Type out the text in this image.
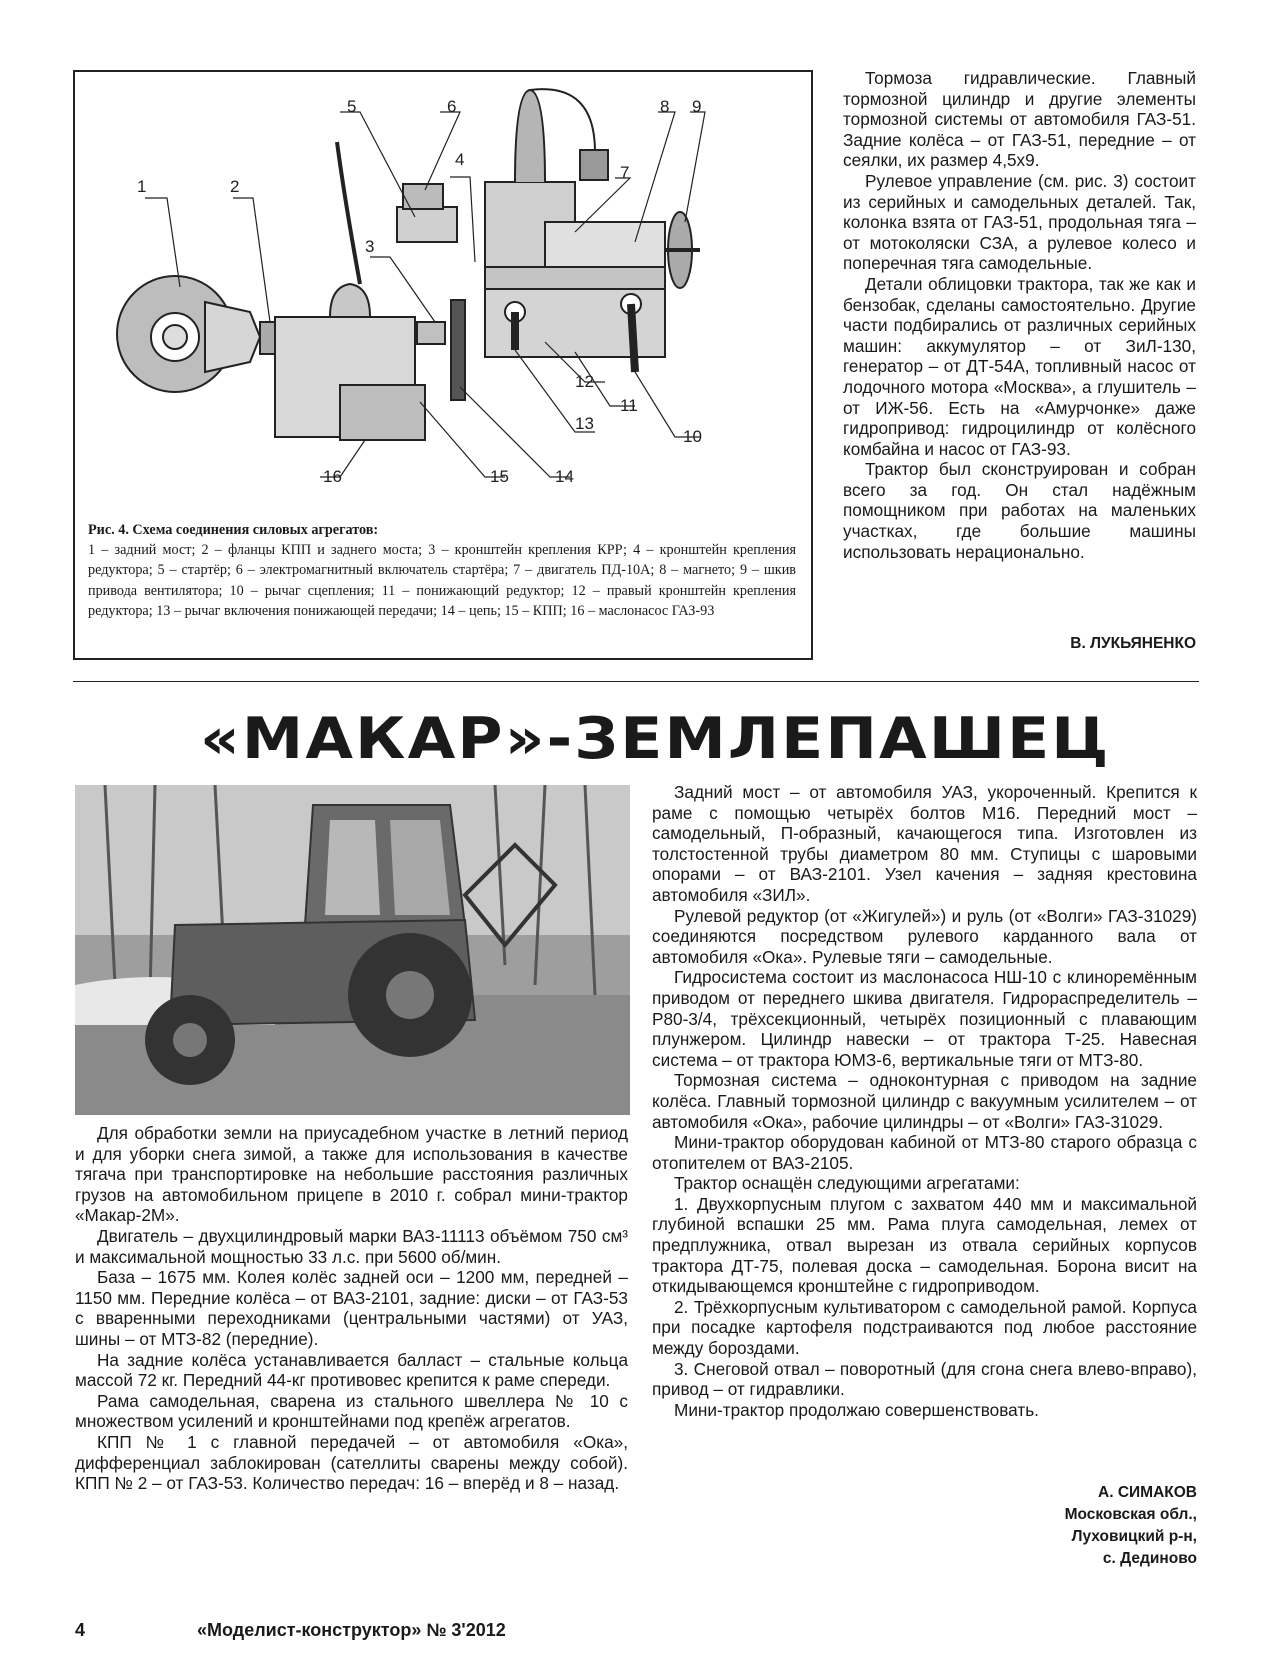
1	2
3
4
5	6
7
8 9
10
11
12
13
14
15
16
Рис. 4. Схема соединения силовых агрегатов:
1 – задний мост; 2 – фланцы КПП и заднего моста; 3 – кронштейн крепления КРР; 4 – кронштейн крепления редуктора; 5 – стартёр; 6 – электромагнитный включатель стартёра; 7 – двигатель ПД-10А; 8 – магнето; 9 – шкив привода вентилятора; 10 – рычаг сцепления; 11 – понижающий редуктор; 12 – правый кронштейн крепления редуктора; 13 – рычаг включения понижающей передачи; 14 – цепь; 15 – КПП; 16 – маслонасос ГАЗ-93

Тормоза гидравлические. Главный тормозной цилиндр и другие элементы тормозной системы от автомобиля ГАЗ-51. Задние колёса – от ГАЗ-51, передние – от сеялки, их размер 4,5х9.

Рулевое управление (см. рис. 3) состоит из серийных и самодельных деталей. Так, колонка взята от ГАЗ-51, продольная тяга – от мотоколяски СЗА, а рулевое колесо и поперечная тяга самодельные.

Детали облицовки трактора, так же как и бензобак, сделаны самостоятельно. Другие части подбирались от различных серийных машин: аккумулятор – от ЗиЛ-130, генератор – от ДТ-54А, топливный насос от лодочного мотора «Москва», а глушитель – от ИЖ-56. Есть на «Амурчонке» даже гидропривод: гидроцилиндр от колёсного комбайна и насос от ГАЗ-93.

Трактор был сконструирован и собран всего за год. Он стал надёжным помощником при работах на маленьких участках, где большие машины использовать нерационально.

В. ЛУКЬЯНЕНКО
«МАКАР»-ЗЕМЛЕПАШЕЦ

Для обработки земли на приусадебном участке в летний период и для уборки снега зимой, а также для использования в качестве тягача при транспортировке на небольшие расстояния различных грузов на автомобильном прицепе в 2010 г. собрал мини-трактор «Макар-2М».

Двигатель – двухцилиндровый марки ВАЗ-11113 объёмом 750 см³ и максимальной мощностью 33 л.с. при 5600 об/мин.

База – 1675 мм. Колея колёс задней оси – 1200 мм, передней – 1150 мм. Передние колёса – от ВАЗ-2101, задние: диски – от ГАЗ-53 с вваренными переходниками (центральными частями) от УАЗ, шины – от МТЗ-82 (передние).

На задние колёса устанавливается балласт – стальные кольца массой 72 кг. Передний 44-кг противовес крепится к раме спереди.

Рама самодельная, сварена из стального швеллера № 10 с множеством усилений и кронштейнами под крепёж агрегатов.

КПП № 1 с главной передачей – от автомобиля «Ока», дифференциал заблокирован (сателлиты сварены между собой). КПП № 2 – от ГАЗ-53. Количество передач: 16 – вперёд и 8 – назад.

Задний мост – от автомобиля УАЗ, укороченный. Крепится к раме с помощью четырёх болтов М16. Передний мост – самодельный, П-образный, качающегося типа. Изготовлен из толстостенной трубы диаметром 80 мм. Ступицы с шаровыми опорами – от ВАЗ-2101. Узел качения – задняя крестовина автомобиля «ЗИЛ».

Рулевой редуктор (от «Жигулей») и руль (от «Волги» ГАЗ-31029) соединяются посредством рулевого карданного вала от автомобиля «Ока». Рулевые тяги – самодельные.

Гидросистема состоит из маслонасоса НШ-10 с клиноремённым приводом от переднего шкива двигателя. Гидрораспределитель – Р80-3/4, трёхсекционный, четырёх позиционный с плавающим плунжером. Цилиндр навески – от трактора Т-25. Навесная система – от трактора ЮМЗ-6, вертикальные тяги от МТЗ-80.

Тормозная система – одноконтурная с приводом на задние колёса. Главный тормозной цилиндр с вакуумным усилителем – от автомобиля «Ока», рабочие цилиндры – от «Волги» ГАЗ-31029.

Мини-трактор оборудован кабиной от МТЗ-80 старого образца с отопителем от ВАЗ-2105.

Трактор оснащён следующими агрегатами:

1. Двухкорпусным плугом с захватом 440 мм и максимальной глубиной вспашки 25 мм. Рама плуга самодельная, лемех от предплужника, отвал вырезан из отвала серийных корпусов трактора ДТ-75, полевая доска – самодельная. Борона висит на откидывающемся кронштейне с гидроприводом.

2. Трёхкорпусным культиватором с самодельной рамой. Корпуса при посадке картофеля подстраиваются под любое расстояние между бороздами.

3. Снеговой отвал – поворотный (для сгона снега влево-вправо), привод – от гидравлики.

Мини-трактор продолжаю совершенствовать.

А. СИМАКОВ
Московская обл.,
Луховицкий р-н,
с. Дединово
4	«Моделист-конструктор» № 3'2012
